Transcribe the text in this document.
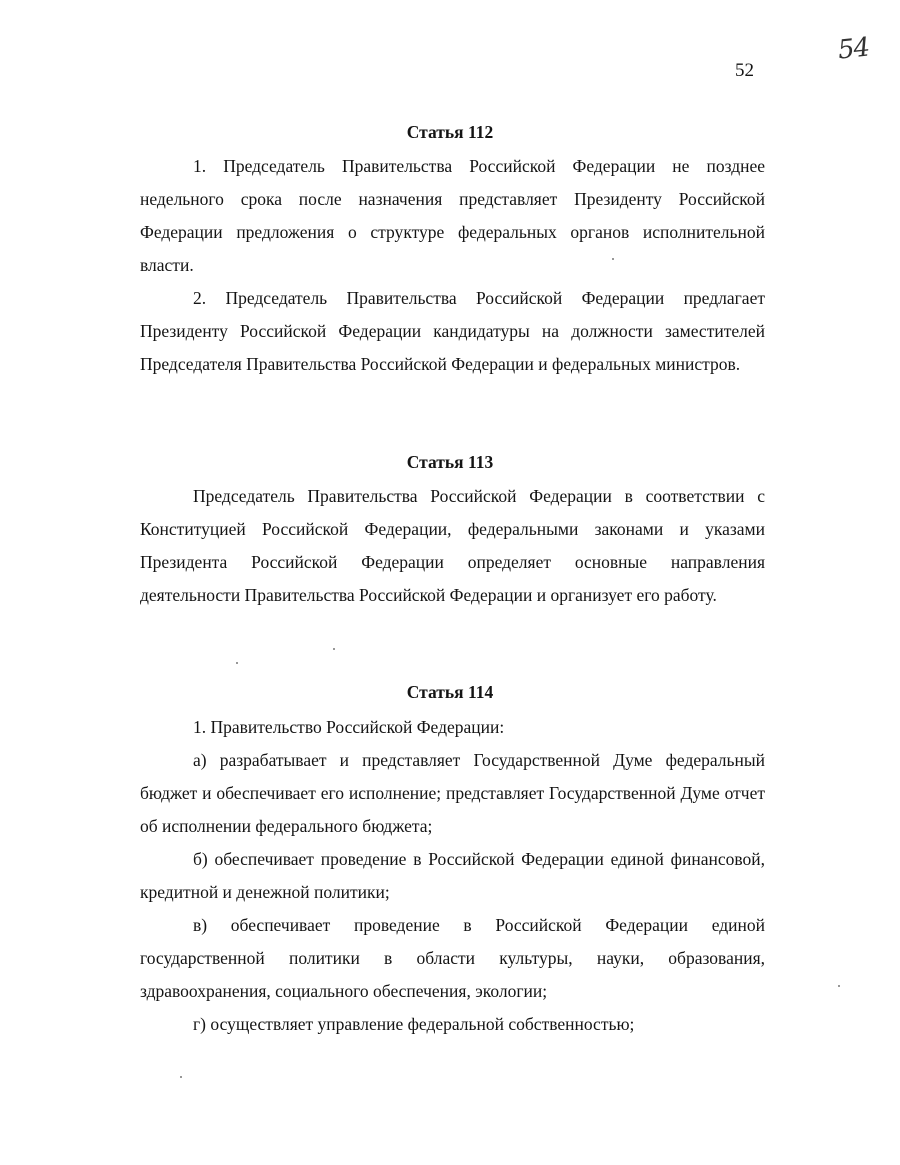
52
54
Статья 112
1. Председатель Правительства Российской Федерации не позднее недельного срока после назначения представляет Президенту Российской Федерации предложения о структуре федеральных органов исполнительной власти.
2. Председатель Правительства Российской Федерации предлагает Президенту Российской Федерации кандидатуры на должности заместителей Председателя Правительства Российской Федерации и федеральных министров.
Статья 113
Председатель Правительства Российской Федерации в соответствии с Конституцией Российской Федерации, федеральными законами и указами Президента Российской Федерации определяет основные направления деятельности Правительства Российской Федерации и организует его работу.
Статья 114
1. Правительство Российской Федерации:
а) разрабатывает и представляет Государственной Думе федеральный бюджет и обеспечивает его исполнение; представляет Государственной Думе отчет об исполнении федерального бюджета;
б) обеспечивает проведение в Российской Федерации единой финансовой, кредитной и денежной политики;
в) обеспечивает проведение в Российской Федерации единой государственной политики в области культуры, науки, образования, здравоохранения, социального обеспечения, экологии;
г) осуществляет управление федеральной собственностью;
